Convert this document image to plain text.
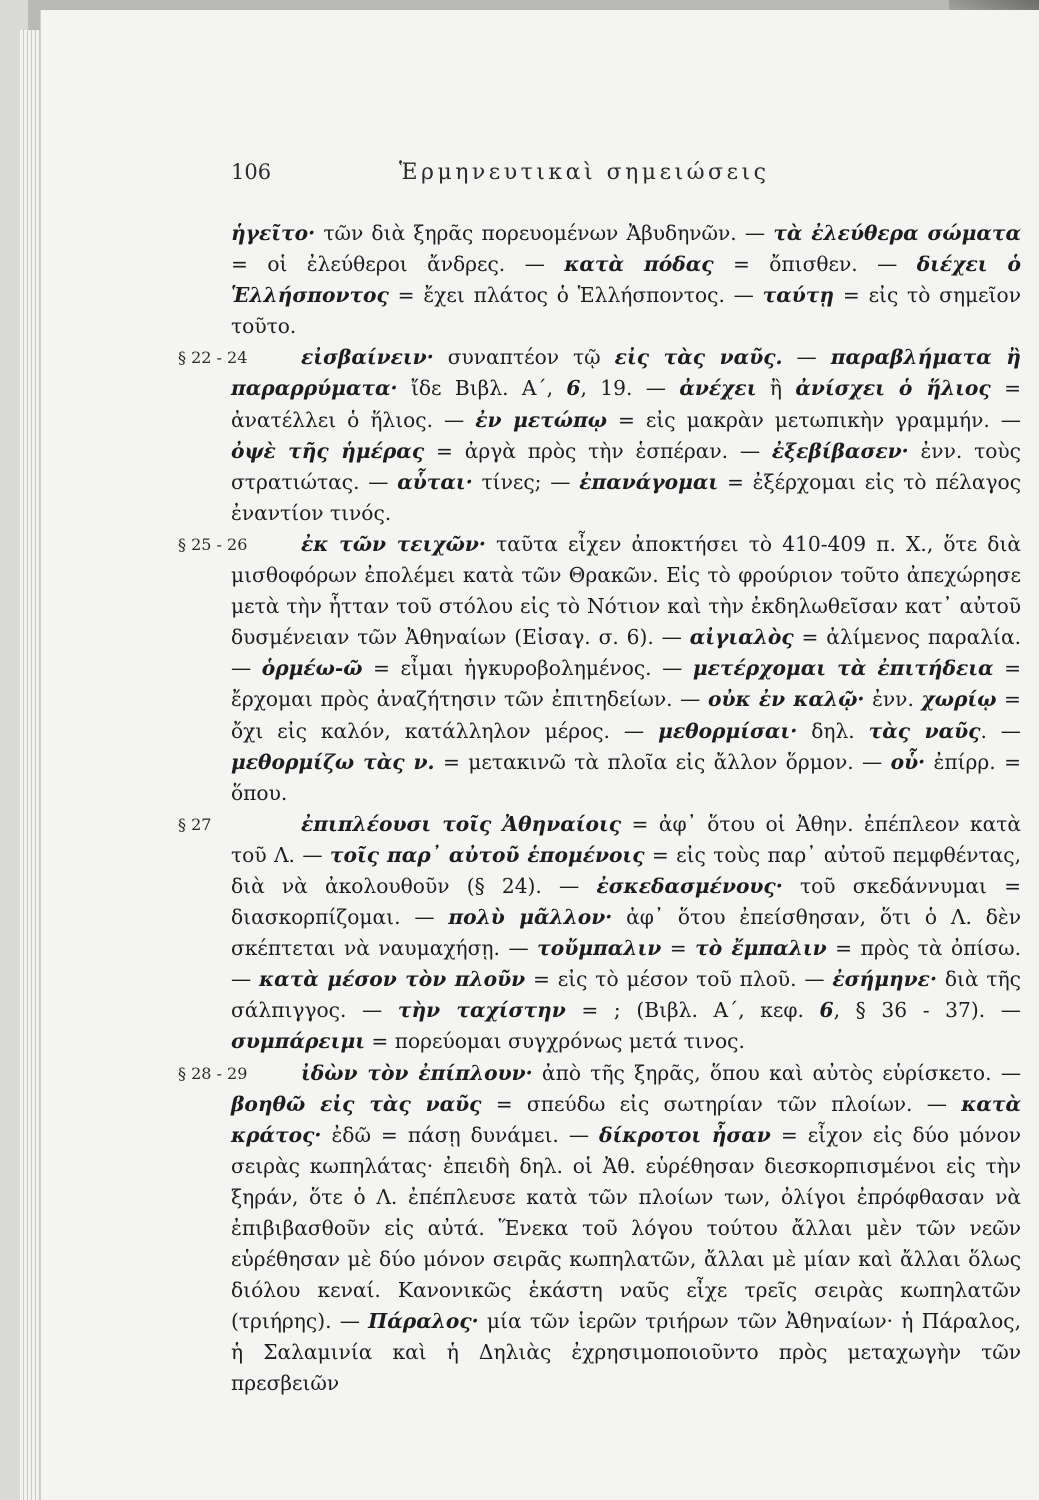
106	Ἑρμηνευτικαὶ σημειώσεις

ἡγεῖτο· τῶν διὰ ξηρᾶς πορευομένων Ἀβυδηνῶν. — τὰ ἐλεύθερα σώματα = οἱ ἐλεύθεροι ἄνδρες. — κατὰ πόδας = ὄπισθεν. — διέχει ὁ Ἑλλήσποντος = ἔχει πλάτος ὁ Ἑλλήσποντος. — ταύτῃ = εἰς τὸ σημεῖον τοῦτο.

§ 22 - 24	εἰσβαίνειν· συναπτέον τῷ εἰς τὰς ναῦς. — παραβλήματα ἢ παραρρύματα· ἴδε Βιβλ. Α΄, 6, 19. — ἀνέχει ἢ ἀνίσχει ὁ ἥλιος = ἀνατέλλει ὁ ἥλιος. — ἐν μετώπῳ = εἰς μακρὰν μετωπικὴν γραμμήν. — ὀψὲ τῆς ἡμέρας = ἀργὰ πρὸς τὴν ἑσπέραν. — ἐξεβίβασεν· ἐνν. τοὺς στρατιώτας. — αὗται· τίνες; — ἐπανάγομαι = ἐξέρχομαι εἰς τὸ πέλαγος ἐναντίον τινός.

§ 25 - 26	ἐκ τῶν τειχῶν· ταῦτα εἶχεν ἀποκτήσει τὸ 410-409 π. Χ., ὅτε διὰ μισθοφόρων ἐπολέμει κατὰ τῶν Θρακῶν. Εἰς τὸ φρούριον τοῦτο ἀπεχώρησε μετὰ τὴν ἧτταν τοῦ στόλου εἰς τὸ Νότιον καὶ τὴν ἐκδηλωθεῖσαν κατ᾿ αὐτοῦ δυσμένειαν τῶν Ἀθηναίων (Εἰσαγ. σ. 6). — αἰγιαλὸς = ἀλίμενος παραλία. — ὁρμέω-ῶ = εἶμαι ἠγκυροβολημένος. — μετέρχομαι τὰ ἐπιτήδεια = ἔρχομαι πρὸς ἀναζήτησιν τῶν ἐπιτηδείων. — οὐκ ἐν καλῷ· ἐνν. χωρίῳ = ὄχι εἰς καλόν, κατάλληλον μέρος. — μεθορμίσαι· δηλ. τὰς ναῦς. — μεθορμίζω τὰς ν. = μετακινῶ τὰ πλοῖα εἰς ἄλλον ὅρμον. — οὗ· ἐπίρρ. = ὅπου.

§ 27	ἐπιπλέουσι τοῖς Ἀθηναίοις = ἀφ᾿ ὅτου οἱ Ἀθην. ἐπέπλεον κατὰ τοῦ Λ. — τοῖς παρ᾿ αὐτοῦ ἑπομένοις = εἰς τοὺς παρ᾿ αὐτοῦ πεμφθέντας, διὰ νὰ ἀκολουθοῦν (§ 24). — ἐσκεδασμένους· τοῦ σκεδάννυμαι = διασκορπίζομαι. — πολὺ μᾶλλον· ἀφ᾿ ὅτου ἐπείσθησαν, ὅτι ὁ Λ. δὲν σκέπτεται νὰ ναυμαχήσῃ. — τοὔμπαλιν = τὸ ἔμπαλιν = πρὸς τὰ ὀπίσω. — κατὰ μέσον τὸν πλοῦν = εἰς τὸ μέσον τοῦ πλοῦ. — ἐσήμηνε· διὰ τῆς σάλπιγγος. — τὴν ταχίστην = ; (Βιβλ. Α΄, κεφ. 6, § 36 - 37). — συμπάρειμι = πορεύομαι συγχρόνως μετά τινος.

§ 28 - 29	ἰδὼν τὸν ἐπίπλουν· ἀπὸ τῆς ξηρᾶς, ὅπου καὶ αὐτὸς εὑρίσκετο. — βοηθῶ εἰς τὰς ναῦς = σπεύδω εἰς σωτηρίαν τῶν πλοίων. — κατὰ κράτος· ἐδῶ = πάσῃ δυνάμει. — δίκροτοι ἦσαν = εἶχον εἰς δύο μόνον σειρὰς κωπηλάτας· ἐπειδὴ δηλ. οἱ Ἀθ. εὑρέθησαν διεσκορπισμένοι εἰς τὴν ξηράν, ὅτε ὁ Λ. ἐπέπλευσε κατὰ τῶν πλοίων των, ὀλίγοι ἐπρόφθασαν νὰ ἐπιβιβασθοῦν εἰς αὐτά. Ἕνεκα τοῦ λόγου τούτου ἄλλαι μὲν τῶν νεῶν εὑρέθησαν μὲ δύο μόνον σειρᾶς κωπηλατῶν, ἄλλαι μὲ μίαν καὶ ἄλλαι ὅλως διόλου κεναί. Κανονικῶς ἑκάστη ναῦς εἶχε τρεῖς σειρὰς κωπηλατῶν (τριήρης). — Πάραλος· μία τῶν ἱερῶν τριήρων τῶν Ἀθηναίων· ἡ Πάραλος, ἡ Σαλαμινία καὶ ἡ Δηλιὰς ἐχρησιμοποιοῦντο πρὸς μεταχωγὴν τῶν πρεσβειῶν
